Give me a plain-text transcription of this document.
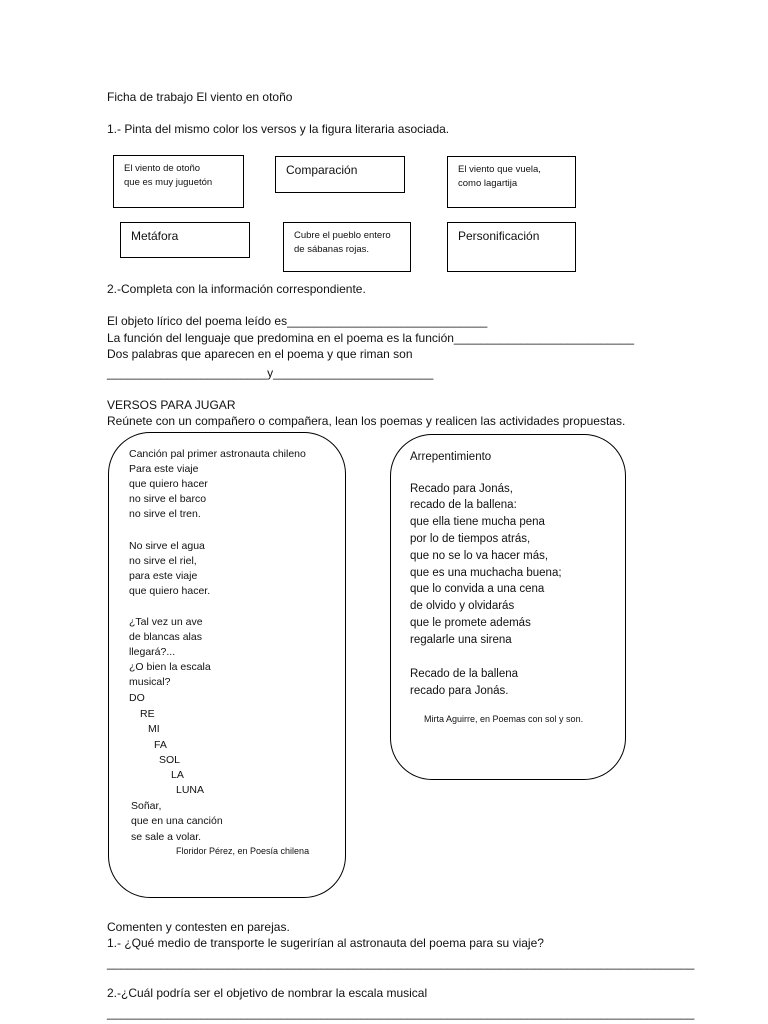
Ficha de trabajo El viento en otoño
1.- Pinta del mismo color los versos y la figura literaria asociada.
El viento de otoño
que es muy juguetón
Comparación	El viento que vuela,
como lagartija
Metáfora	Cubre el pueblo entero
de sábanas rojas.
Personificación
2.-Completa con la información correspondiente.
El objeto lírico del poema leído es______________________________
La función del lenguaje que predomina en el poema es la función___________________________
Dos palabras que aparecen en el poema y que riman son
________________________y________________________
VERSOS PARA JUGAR
Reúnete con un compañero o compañera, lean los poemas y realicen las actividades propuestas.
Canción pal primer astronauta chileno
Para este viaje
que quiero hacer
no sirve el barco
no sirve el tren.
No sirve el agua
no sirve el riel,
para este viaje
que quiero hacer.
¿Tal vez un ave
de blancas alas
llegará?...
¿O bien la escala
musical?
DO
RE
MI
FA
SOL
LA
LUNA
Soñar,
que en una canción
se sale a volar.
Floridor Pérez, en Poesía chilena
Arrepentimiento
Recado para Jonás,
recado de la ballena:
que ella tiene mucha pena
por lo de tiempos atrás,
que no se lo va hacer más,
que es una muchacha buena;
que lo convida a una cena
de olvido y olvidarás
que le promete además
regalarle una sirena
Recado de la ballena
recado para Jonás.
Mirta Aguirre, en Poemas con sol y son.
Comenten y contesten en parejas.
1.- ¿Qué medio de transporte le sugerirían al astronauta del poema para su viaje?
________________________________________________________________________________________
2.-¿Cuál podría ser el objetivo de nombrar la escala musical
________________________________________________________________________________________
